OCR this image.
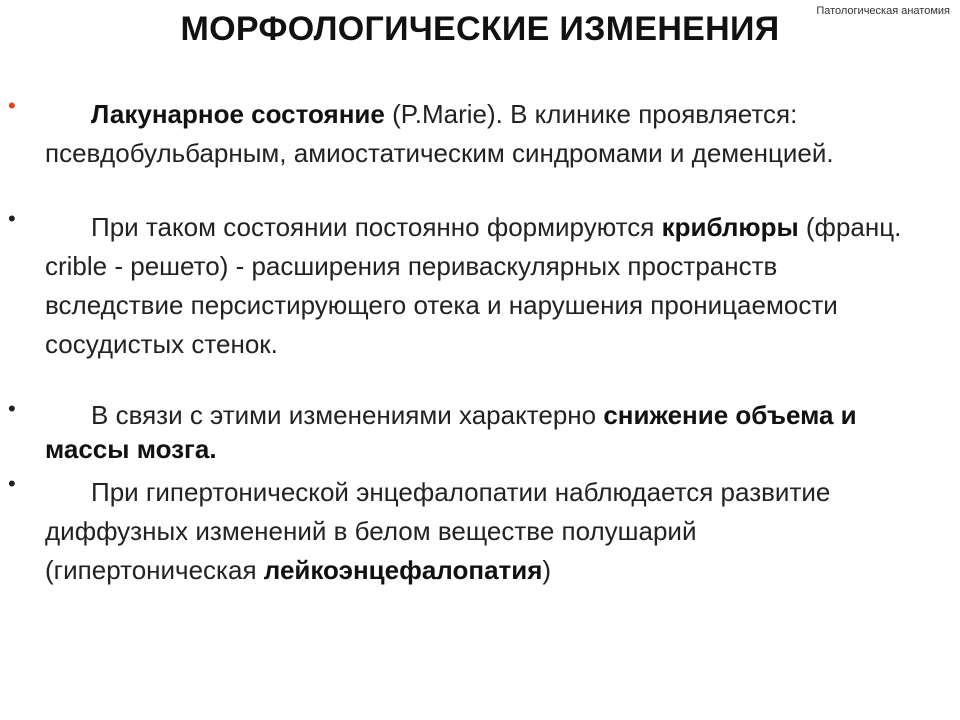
Патологическая анатомия
МОРФОЛОГИЧЕСКИЕ ИЗМЕНЕНИЯ
•	Лакунарное состояние (P.Marie). В клинике проявляется: псевдобульбарным, амиостатическим синдромами и деменцией.
•	При таком состоянии постоянно формируются криблюры (франц. crible - решето) - расширения периваскулярных пространств вследствие персистирующего отека и нарушения проницаемости сосудистых стенок.
•	В связи с этими изменениями характерно снижение объема и массы мозга.
•	При гипертонической энцефалопатии наблюдается развитие диффузных изменений в белом веществе полушарий (гипертоническая лейкоэнцефалопатия)
